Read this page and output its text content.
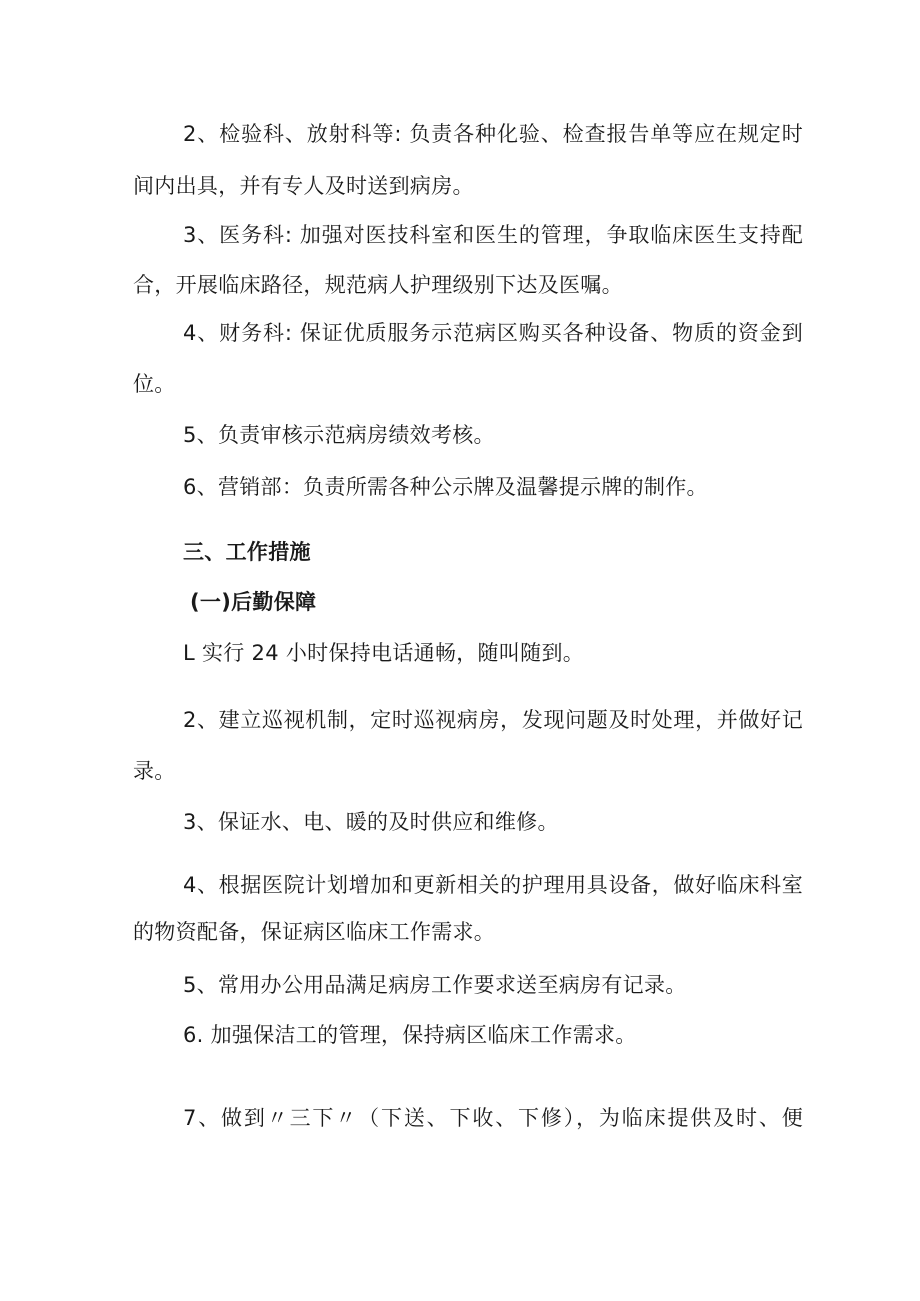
2、检验科、放射科等: 负责各种化验、检查报告单等应在规定时
间内出具，并有专人及时送到病房。
3、医务科: 加强对医技科室和医生的管理，争取临床医生支持配
合，开展临床路径，规范病人护理级别下达及医嘱。
4、财务科: 保证优质服务示范病区购买各种设备、物质的资金到
位。
5、负责审核示范病房绩效考核。
6、营销部：负责所需各种公示牌及温馨提示牌的制作。
三、工作措施
(一)后勤保障
L 实行 24 小时保持电话通畅，随叫随到。
2、建立巡视机制，定时巡视病房，发现问题及时处理，并做好记
录。
3、保证水、电、暖的及时供应和维修。
4、根据医院计划增加和更新相关的护理用具设备，做好临床科室
的物资配备，保证病区临床工作需求。
5、常用办公用品满足病房工作要求送至病房有记录。
6. 加强保洁工的管理，保持病区临床工作需求。
7、做到〃三下〃（下送、下收、下修），为临床提供及时、便
